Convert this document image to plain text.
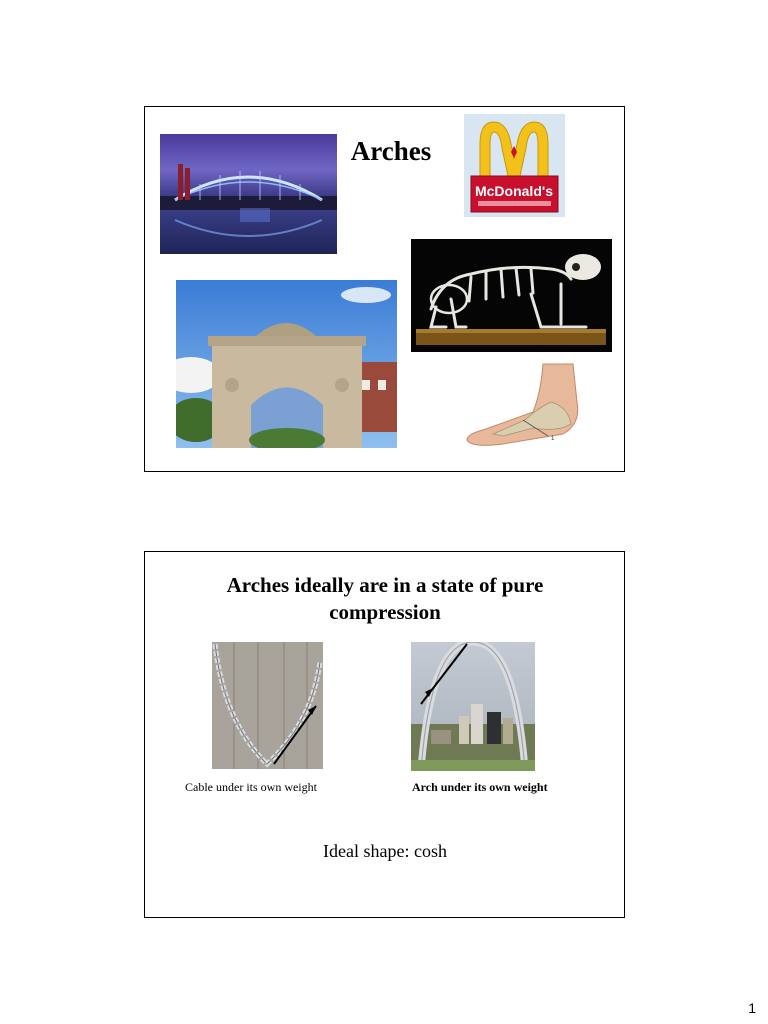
Arches
McDonald's
1
Arches ideally are in a state of pure compression
Cable under its own weight	Arch under its own weight
Ideal shape: cosh
1
